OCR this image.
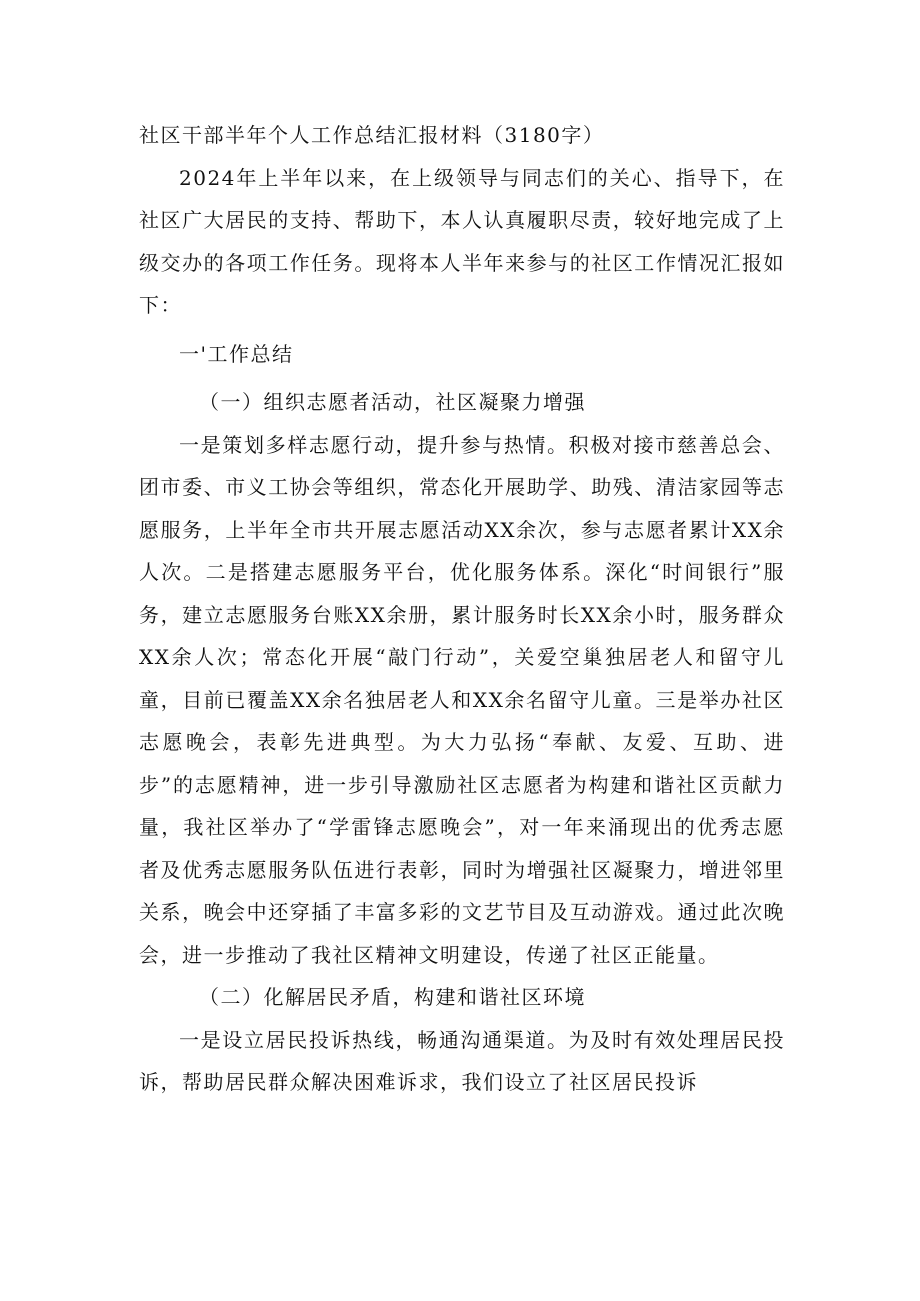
社区干部半年个人工作总结汇报材料（3180字）

2024年上半年以来，在上级领导与同志们的关心、指导下，在社区广大居民的支持、帮助下，本人认真履职尽责，较好地完成了上级交办的各项工作任务。现将本人半年来参与的社区工作情况汇报如下：

一'工作总结

（一）组织志愿者活动，社区凝聚力增强

一是策划多样志愿行动，提升参与热情。积极对接市慈善总会、团市委、市义工协会等组织，常态化开展助学、助残、清洁家园等志愿服务，上半年全市共开展志愿活动XX余次，参与志愿者累计XX余人次。二是搭建志愿服务平台，优化服务体系。深化“时间银行”服务，建立志愿服务台账XX余册，累计服务时长XX余小时，服务群众XX余人次；常态化开展“敲门行动”，关爱空巢独居老人和留守儿童，目前已覆盖XX余名独居老人和XX余名留守儿童。三是举办社区志愿晚会，表彰先进典型。为大力弘扬“奉献、友爱、互助、进步”的志愿精神，进一步引导激励社区志愿者为构建和谐社区贡献力量，我社区举办了“学雷锋志愿晚会”，对一年来涌现出的优秀志愿者及优秀志愿服务队伍进行表彰，同时为增强社区凝聚力，增进邻里关系，晚会中还穿插了丰富多彩的文艺节目及互动游戏。通过此次晚会，进一步推动了我社区精神文明建设，传递了社区正能量。

（二）化解居民矛盾，构建和谐社区环境

一是设立居民投诉热线，畅通沟通渠道。为及时有效处理居民投诉，帮助居民群众解决困难诉求，我们设立了社区居民投诉
